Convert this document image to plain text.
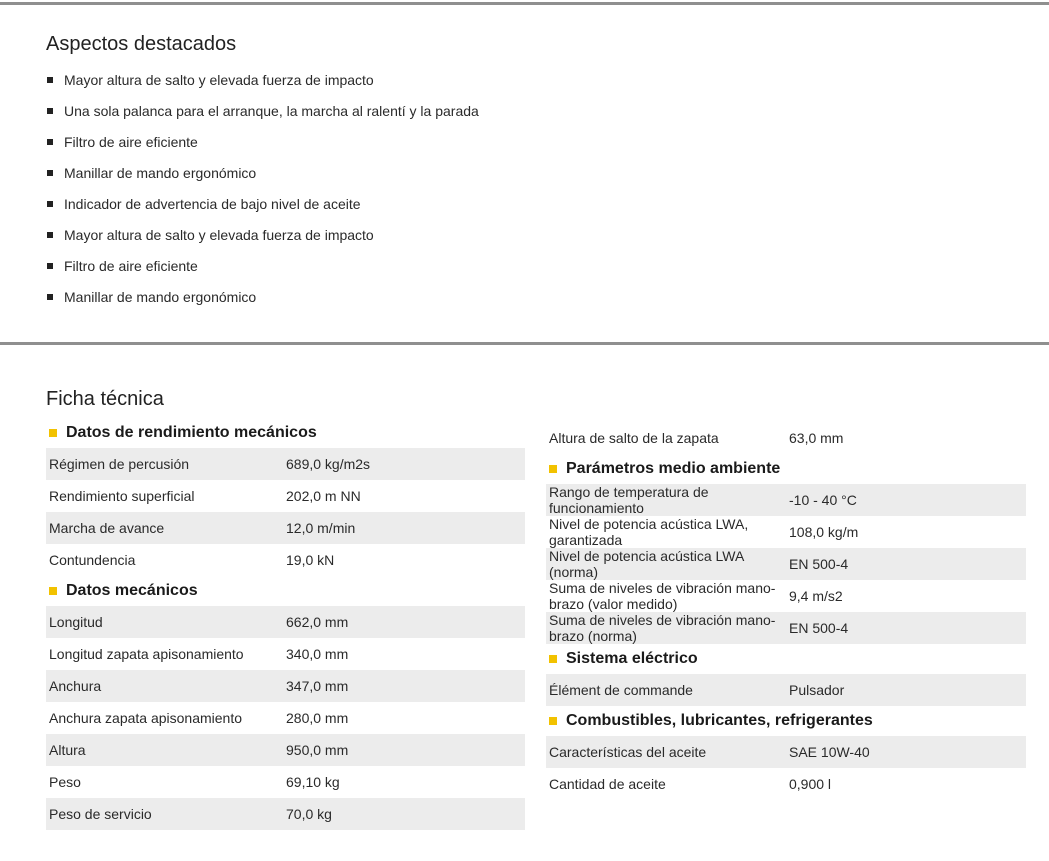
Aspectos destacados
Mayor altura de salto y elevada fuerza de impacto
Una sola palanca para el arranque, la marcha al ralentí y la parada
Filtro de aire eficiente
Manillar de mando ergonómico
Indicador de advertencia de bajo nivel de aceite
Mayor altura de salto y elevada fuerza de impacto
Filtro de aire eficiente
Manillar de mando ergonómico
Ficha técnica
Datos de rendimiento mecánicos
Régimen de percusión	689,0 kg/m2s
Rendimiento superficial	202,0 m NN
Marcha de avance	12,0 m/min
Contundencia	19,0 kN
Datos mecánicos
Longitud	662,0 mm
Longitud zapata apisonamiento	340,0 mm
Anchura	347,0 mm
Anchura zapata apisonamiento	280,0 mm
Altura	950,0 mm
Peso	69,10 kg
Peso de servicio	70,0 kg
Altura de salto de la zapata	63,0 mm
Parámetros medio ambiente
Rango de temperatura de funcionamiento	-10 - 40 °C
Nivel de potencia acústica LWA, garantizada	108,0 kg/m
Nivel de potencia acústica LWA (norma)	EN 500-4
Suma de niveles de vibración mano-brazo (valor medido)	9,4 m/s2
Suma de niveles de vibración mano-brazo (norma)	EN 500-4
Sistema eléctrico
Élément de commande	Pulsador
Combustibles, lubricantes, refrigerantes
Características del aceite	SAE 10W-40
Cantidad de aceite	0,900 l
